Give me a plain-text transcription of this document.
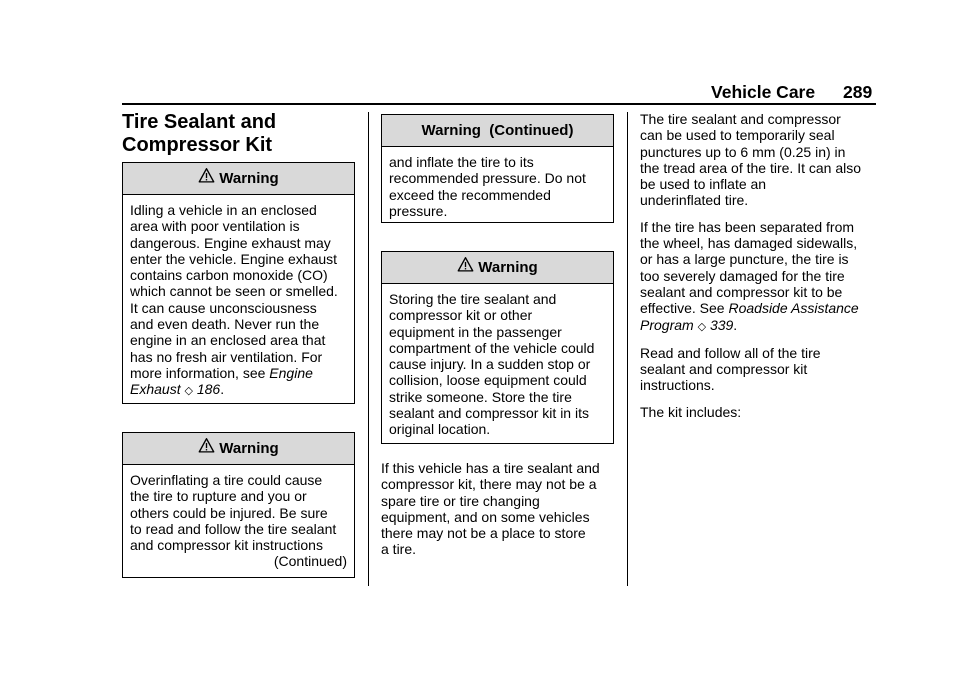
Vehicle Care 289
Tire Sealant and
Compressor Kit
Warning

Idling a vehicle in an enclosed

area with poor ventilation is

dangerous. Engine exhaust may

enter the vehicle. Engine exhaust

contains carbon monoxide (CO)

which cannot be seen or smelled.

It can cause unconsciousness

and even death. Never run the

engine in an enclosed area that

has no fresh air ventilation. For

more information, see Engine

Exhaust ◇ 186.

Warning

Overinflating a tire could cause

the tire to rupture and you or

others could be injured. Be sure

to read and follow the tire sealant

and compressor kit instructions

(Continued)

Warning  (Continued)

and inflate the tire to its

recommended pressure. Do not

exceed the recommended

pressure.

Warning

Storing the tire sealant and

compressor kit or other

equipment in the passenger

compartment of the vehicle could

cause injury. In a sudden stop or

collision, loose equipment could

strike someone. Store the tire

sealant and compressor kit in its

original location.

If this vehicle has a tire sealant and

compressor kit, there may not be a

spare tire or tire changing

equipment, and on some vehicles

there may not be a place to store

a tire.

The tire sealant and compressor

can be used to temporarily seal

punctures up to 6 mm (0.25 in) in

the tread area of the tire. It can also

be used to inflate an

underinflated tire.

If the tire has been separated from

the wheel, has damaged sidewalls,

or has a large puncture, the tire is

too severely damaged for the tire

sealant and compressor kit to be

effective. See Roadside Assistance

Program ◇ 339.

Read and follow all of the tire

sealant and compressor kit

instructions.

The kit includes:
